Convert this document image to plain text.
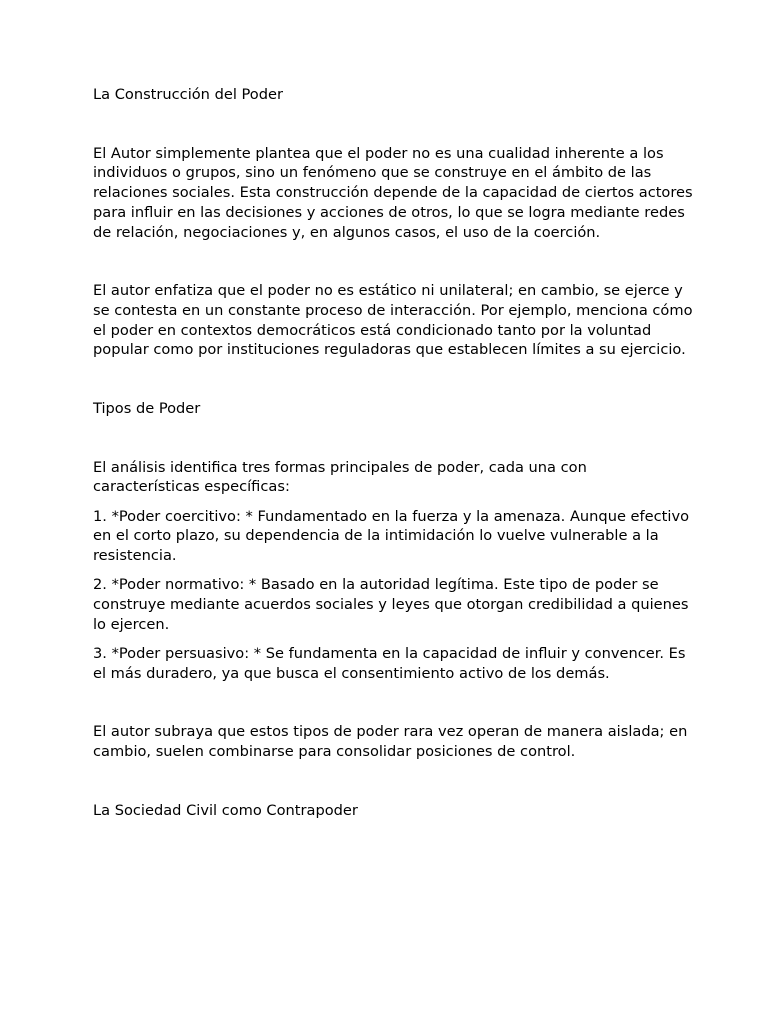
La Construcción del Poder

El Autor simplemente plantea que el poder no es una cualidad inherente a los individuos o grupos, sino un fenómeno que se construye en el ámbito de las relaciones sociales. Esta construcción depende de la capacidad de ciertos actores para influir en las decisiones y acciones de otros, lo que se logra mediante redes de relación, negociaciones y, en algunos casos, el uso de la coerción.

El autor enfatiza que el poder no es estático ni unilateral; en cambio, se ejerce y se contesta en un constante proceso de interacción. Por ejemplo, menciona cómo el poder en contextos democráticos está condicionado tanto por la voluntad popular como por instituciones reguladoras que establecen límites a su ejercicio.

Tipos de Poder

El análisis identifica tres formas principales de poder, cada una con características específicas:

1. *Poder coercitivo: * Fundamentado en la fuerza y la amenaza. Aunque efectivo en el corto plazo, su dependencia de la intimidación lo vuelve vulnerable a la resistencia.

2. *Poder normativo: * Basado en la autoridad legítima. Este tipo de poder se construye mediante acuerdos sociales y leyes que otorgan credibilidad a quienes lo ejercen.

3. *Poder persuasivo: * Se fundamenta en la capacidad de influir y convencer. Es el más duradero, ya que busca el consentimiento activo de los demás.

El autor subraya que estos tipos de poder rara vez operan de manera aislada; en cambio, suelen combinarse para consolidar posiciones de control.

La Sociedad Civil como Contrapoder
